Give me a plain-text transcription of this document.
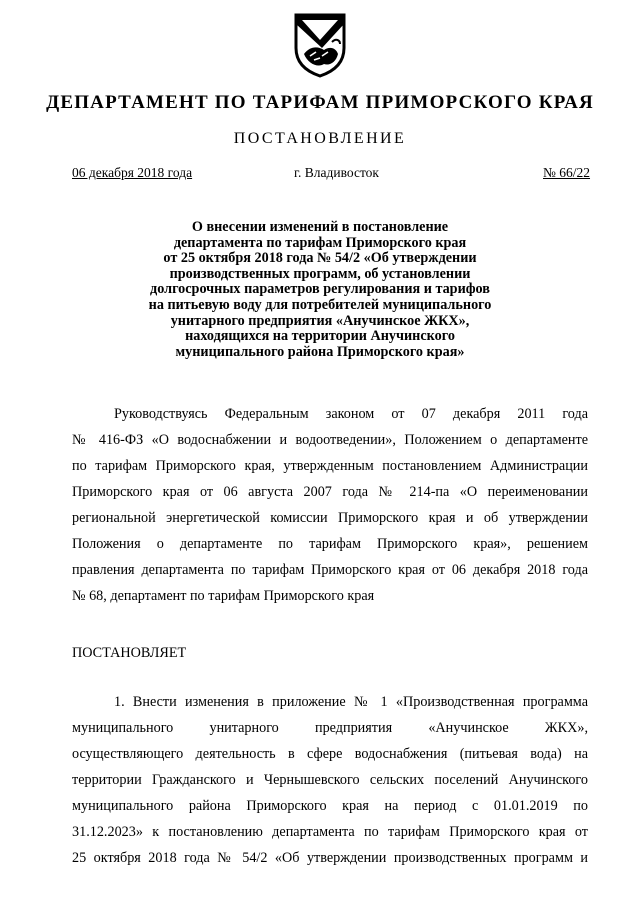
ДЕПАРТАМЕНТ ПО ТАРИФАМ ПРИМОРСКОГО КРАЯ
ПОСТАНОВЛЕНИЕ
06 декабря 2018 года	г. Владивосток	№ 66/22
О внесении изменений в постановление
департамента по тарифам Приморского края
от 25 октября 2018 года № 54/2 «Об утверждении
производственных программ, об установлении
долгосрочных параметров регулирования и тарифов
на питьевую воду для потребителей муниципального
унитарного предприятия «Анучинское ЖКХ»,
находящихся на территории Анучинского
муниципального района Приморского края»
Руководствуясь Федеральным законом от 07 декабря 2011 года
№ 416-ФЗ «О водоснабжении и водоотведении», Положением о департаменте
по тарифам Приморского края, утвержденным постановлением Администрации
Приморского края от 06 августа 2007 года № 214-па «О переименовании
региональной энергетической комиссии Приморского края и об утверждении
Положения о департаменте по тарифам Приморского края», решением
правления департамента по тарифам Приморского края от 06 декабря 2018 года
№ 68, департамент по тарифам Приморского края
ПОСТАНОВЛЯЕТ
1. Внести изменения в приложение № 1 «Производственная программа
муниципального унитарного предприятия «Анучинское ЖКХ»,
осуществляющего деятельность в сфере водоснабжения (питьевая вода) на
территории Гражданского и Чернышевского сельских поселений Анучинского
муниципального района Приморского края на период с 01.01.2019 по
31.12.2023» к постановлению департамента по тарифам Приморского края от
25 октября 2018 года № 54/2 «Об утверждении производственных программ и
